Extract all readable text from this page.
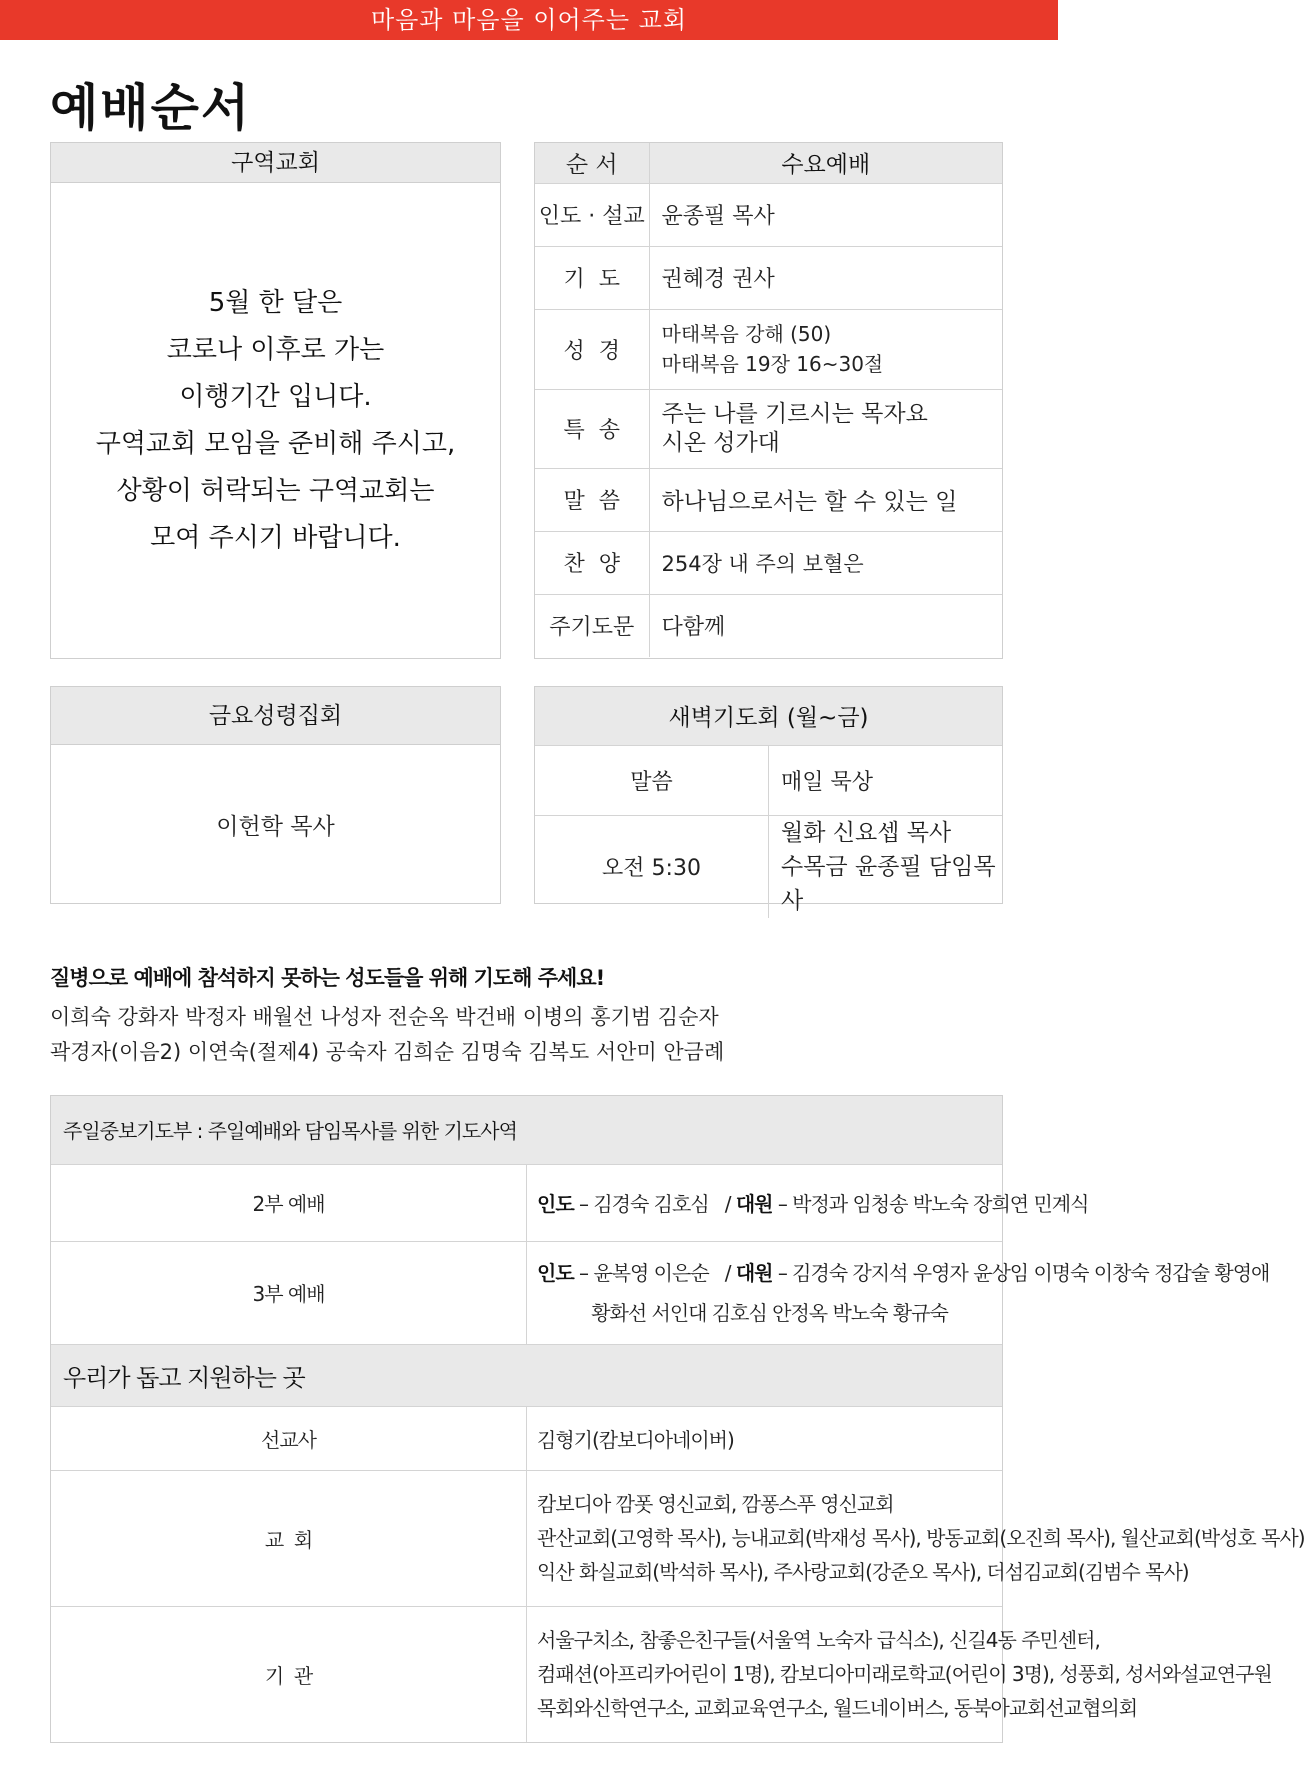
마음과 마음을 이어주는 교회
예배순서
구역교회
5월 한 달은
코로나 이후로 가는
이행기간 입니다.
구역교회 모임을 준비해 주시고,
상황이 허락되는 구역교회는
모여 주시기 바랍니다.
순 서	수요예배
인도 · 설교	윤종필 목사
기  도	권혜경 권사
성  경	마태복음 강해 (50)
마태복음 19장 16~30절

특  송	주는 나를 기르시는 목자요
시온 성가대

말  씀	하나님으로서는 할 수 있는 일
찬  양	254장 내 주의 보혈은
주기도문	다함께
금요성령집회
이헌학 목사
새벽기도회 (월~금)	
말씀	매일 묵상
오전 5:30	월화 신요셉 목사
수목금 윤종필 담임목사
질병으로 예배에 참석하지 못하는 성도들을 위해 기도해 주세요!
이희숙 강화자 박정자 배월선 나성자 전순옥 박건배 이병의 홍기범 김순자
곽경자(이음2) 이연숙(절제4) 공숙자 김희순 김명숙 김복도 서안미 안금례
주일중보기도부 : 주일예배와 담임목사를 위한 기도사역	
2부 예배	인도 – 김경숙 김호심   / 대원 – 박정과 임청송 박노숙 장희연 민계식
3부 예배	인도 – 윤복영 이은순   / 대원 – 김경숙 강지석 우영자 윤상임 이명숙 이창숙 정갑술 황영애
황화선 서인대 김호심 안정옥 박노숙 황규숙

우리가 돕고 지원하는 곳	
선교사	김형기(캄보디아네이버)
교  회	캄보디아 깜폿 영신교회, 깜퐁스푸 영신교회
관산교회(고영학 목사), 능내교회(박재성 목사), 방동교회(오진희 목사), 월산교회(박성호 목사)
익산 화실교회(박석하 목사), 주사랑교회(강준오 목사), 더섬김교회(김범수 목사)

기  관	서울구치소, 참좋은친구들(서울역 노숙자 급식소), 신길4동 주민센터,
컴패션(아프리카어린이 1명), 캄보디아미래로학교(어린이 3명), 성풍회, 성서와설교연구원
목회와신학연구소, 교회교육연구소, 월드네이버스, 동북아교회선교협의회
